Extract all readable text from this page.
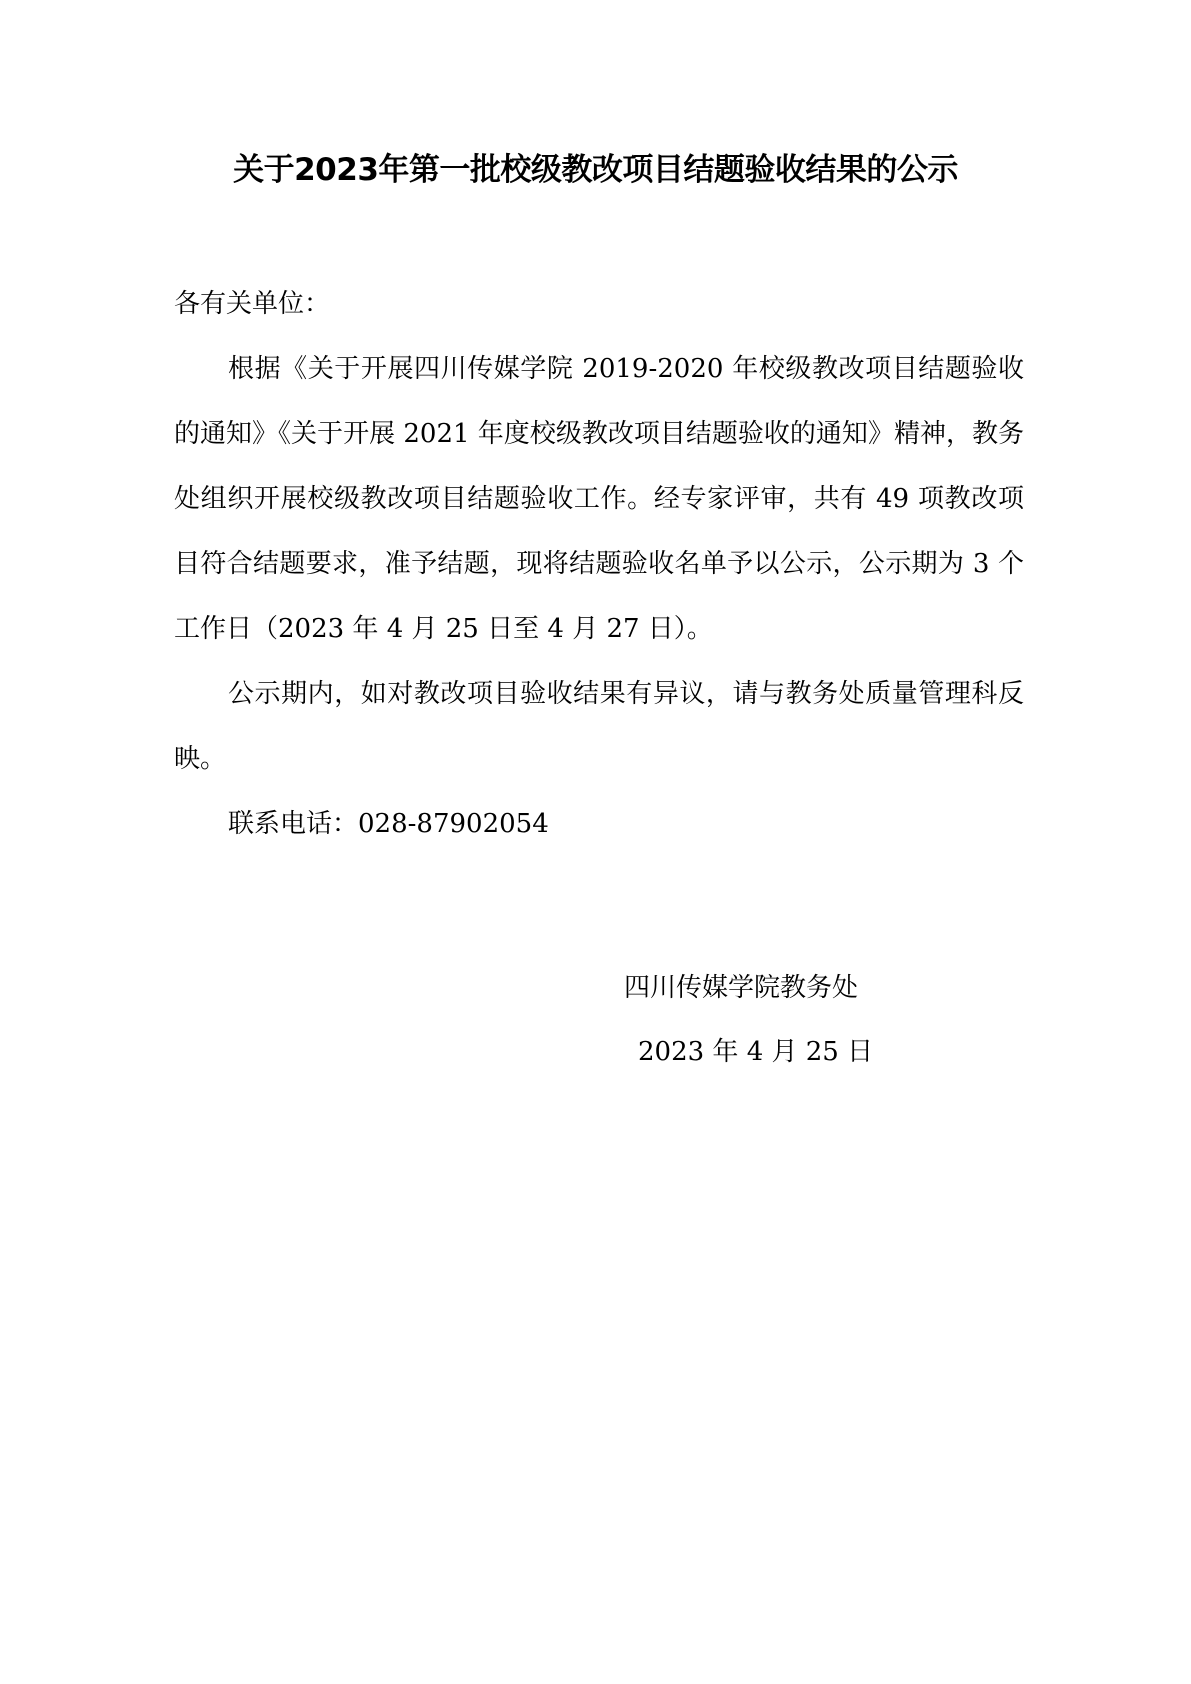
关于2023年第一批校级教改项目结题验收结果的公示

各有关单位：

根据《关于开展四川传媒学院 2019-2020 年校级教改项目结题验收的通知》《关于开展 2021 年度校级教改项目结题验收的通知》精神，教务处组织开展校级教改项目结题验收工作。经专家评审，共有 49 项教改项目符合结题要求，准予结题，现将结题验收名单予以公示，公示期为 3 个工作日（2023 年 4 月 25 日至 4 月 27 日）。

公示期内，如对教改项目验收结果有异议，请与教务处质量管理科反映。

联系电话：028-87902054

四川传媒学院教务处

2023 年 4 月 25 日
